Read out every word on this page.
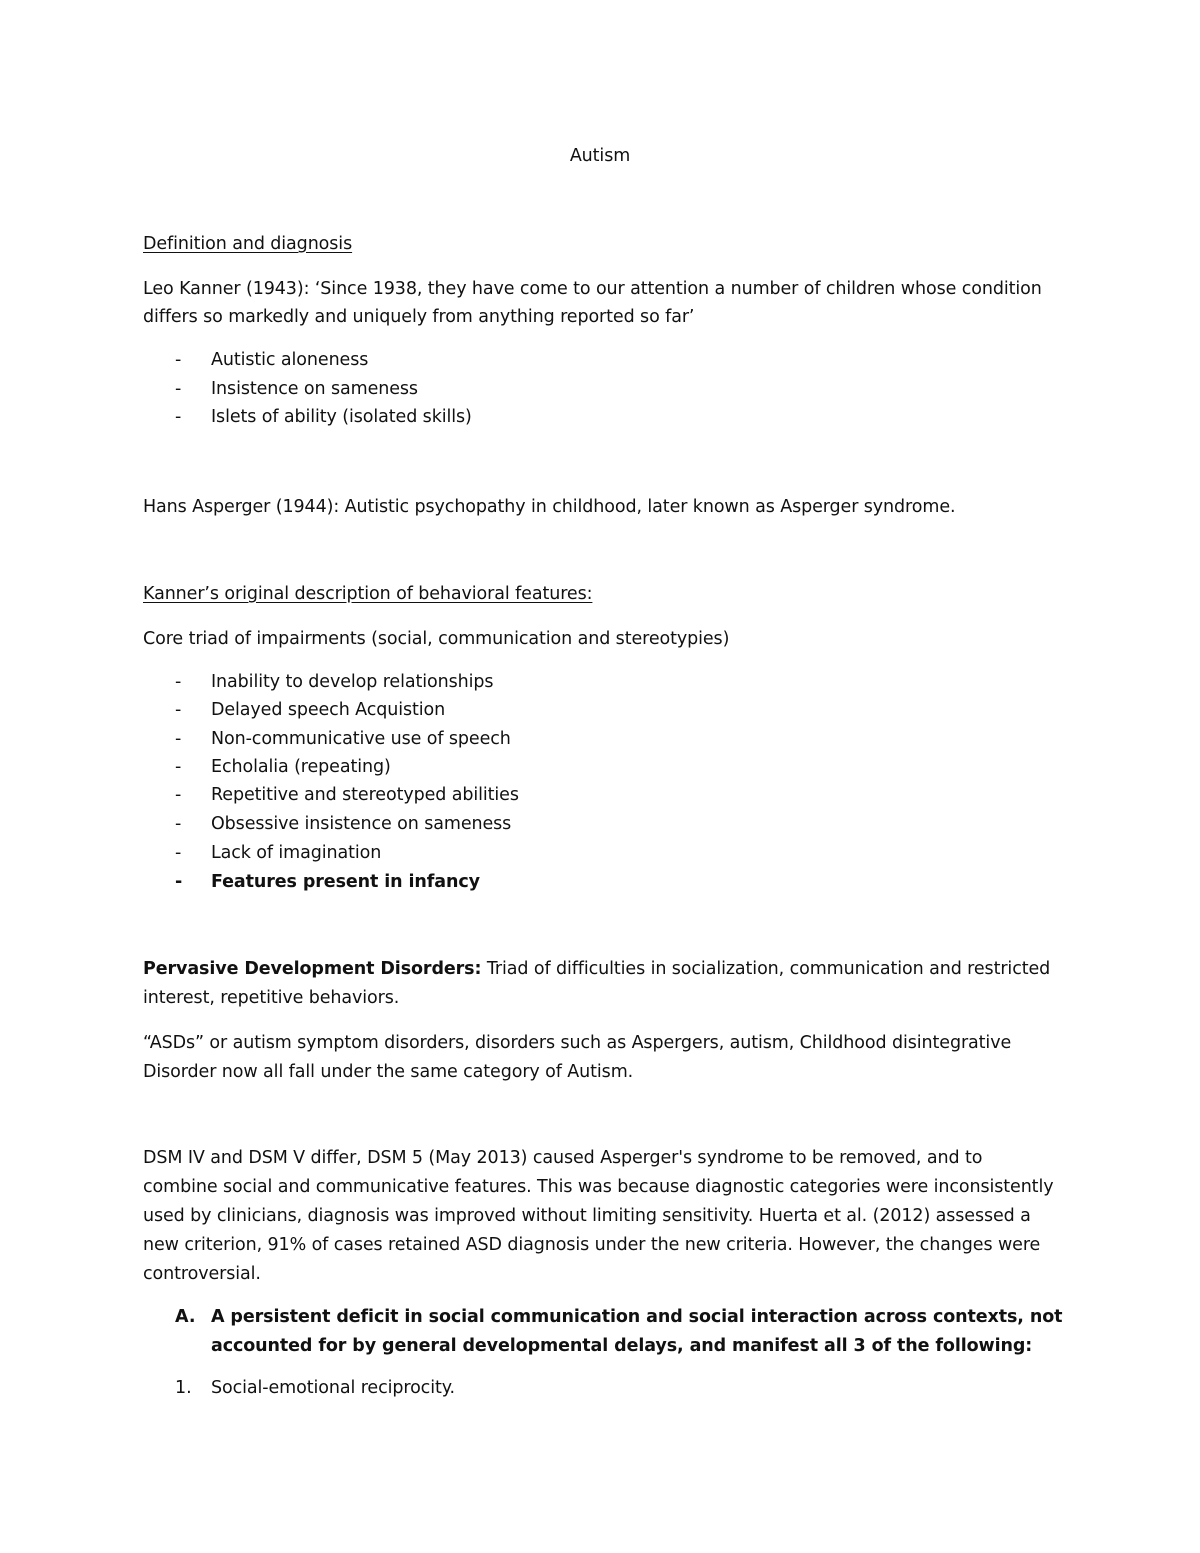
Autism
Definition and diagnosis
Leo Kanner (1943): ‘Since 1938, they have come to our attention a number of children whose condition
differs so markedly and uniquely from anything reported so far’
- Autistic aloneness
- Insistence on sameness
- Islets of ability (isolated skills)
Hans Asperger (1944): Autistic psychopathy in childhood, later known as Asperger syndrome.
Kanner’s original description of behavioral features:
Core triad of impairments (social, communication and stereotypies)
- Inability to develop relationships
- Delayed speech Acquistion
- Non-communicative use of speech
- Echolalia (repeating)
- Repetitive and stereotyped abilities
- Obsessive insistence on sameness
- Lack of imagination
- Features present in infancy
Pervasive Development Disorders: Triad of difficulties in socialization, communication and restricted
interest, repetitive behaviors.
“ASDs” or autism symptom disorders, disorders such as Aspergers, autism, Childhood disintegrative
Disorder now all fall under the same category of Autism.
DSM IV and DSM V differ, DSM 5 (May 2013) caused Asperger's syndrome to be removed, and to
combine social and communicative features. This was because diagnostic categories were inconsistently
used by clinicians, diagnosis was improved without limiting sensitivity. Huerta et al. (2012) assessed a
new criterion, 91% of cases retained ASD diagnosis under the new criteria. However, the changes were
controversial.
A. A persistent deficit in social communication and social interaction across contexts, not
accounted for by general developmental delays, and manifest all 3 of the following:
1. Social-emotional reciprocity.
